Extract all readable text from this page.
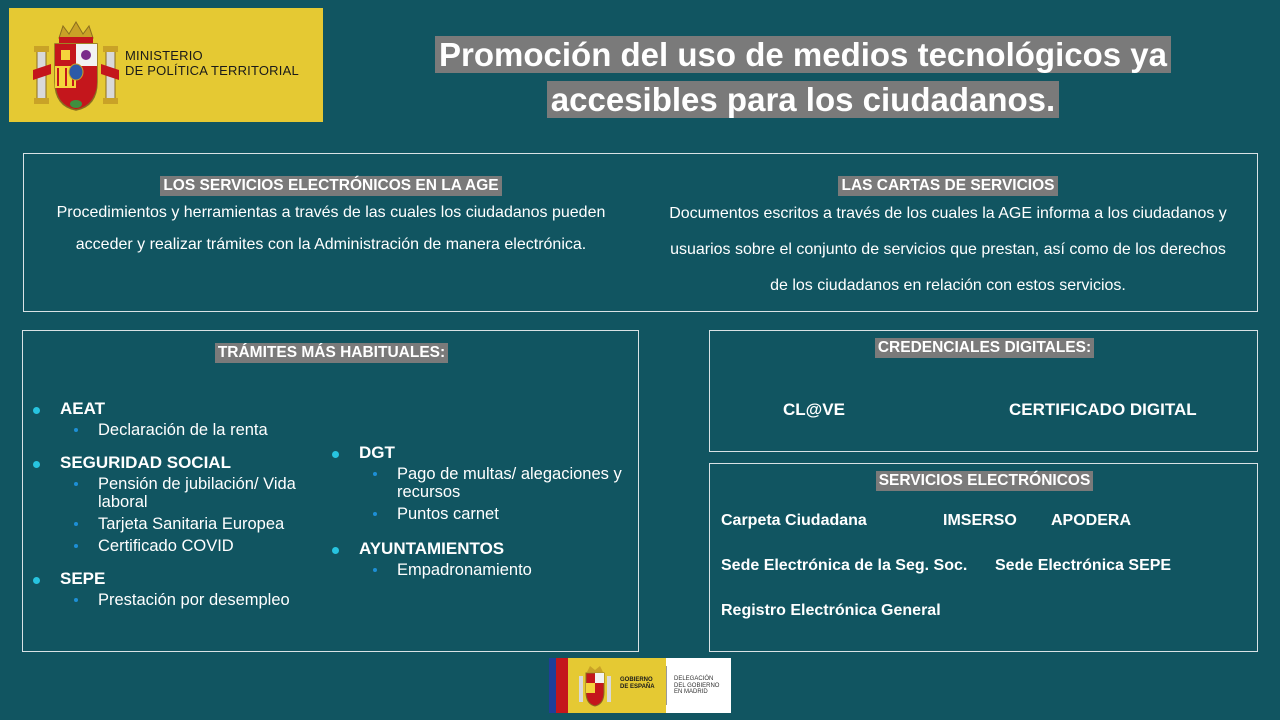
MINISTERIO
DE POLÍTICA TERRITORIAL	Promoción del uso de medios tecnológicos ya
accesibles para los ciudadanos.
LOS SERVICIOS ELECTRÓNICOS EN LA AGE
Procedimientos y herramientas a través de las cuales los ciudadanos pueden
acceder y realizar trámites con la Administración de manera electrónica.
LAS CARTAS DE SERVICIOS
Documentos escritos a través de los cuales la AGE informa a los ciudadanos y
usuarios sobre el conjunto de servicios que prestan, así como de los derechos
de los ciudadanos en relación con estos servicios.
TRÁMITES MÁS HABITUALES:
AEAT
Declaración de la renta
SEGURIDAD SOCIAL
Pensión de jubilación/ Vida laboral
Tarjeta Sanitaria Europea
Certificado COVID
SEPE
Prestación por desempleo
DGT
Pago de multas/ alegaciones y recursos
Puntos carnet
AYUNTAMIENTOS
Empadronamiento
CREDENCIALES DIGITALES:
CL@VE	CERTIFICADO DIGITAL
SERVICIOS ELECTRÓNICOS
Carpeta Ciudadana	IMSERSO APODERA
Sede Electrónica de la Seg. Soc. Sede Electrónica SEPE
Registro Electrónica General
GOBIERNO
DE ESPAÑA
DELEGACIÓN
DEL GOBIERNO
EN MADRID
